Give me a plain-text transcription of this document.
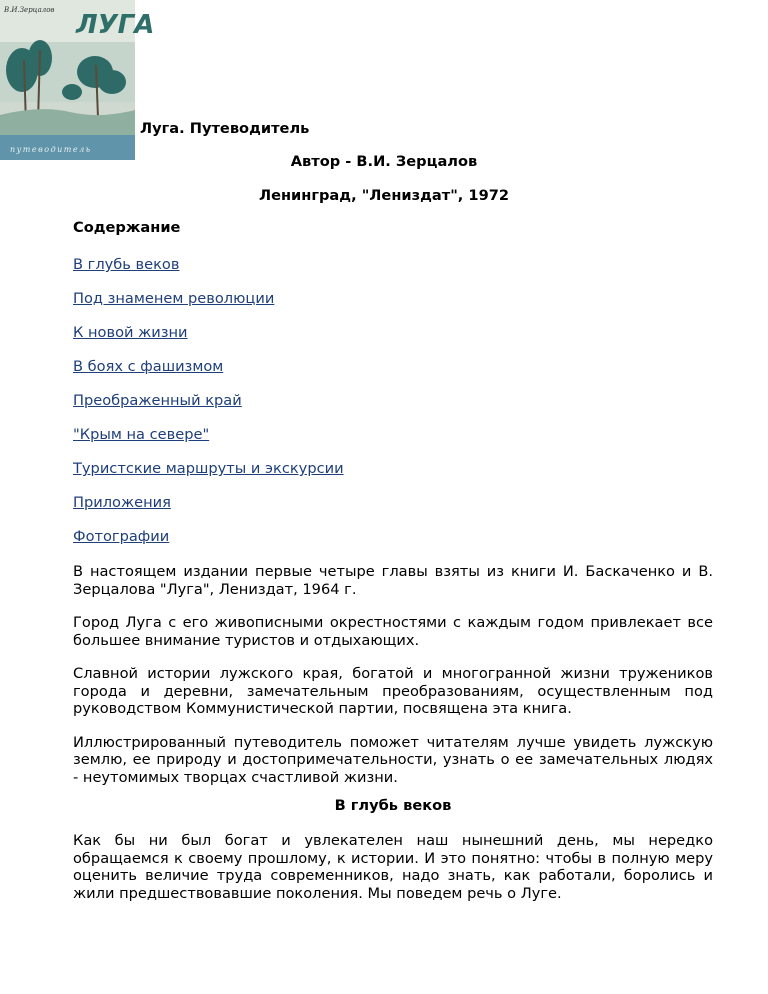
В.И.Зерцалов ЛУГА
путеводитель

Луга. Путеводитель

Автор - В.И. Зерцалов

Ленинград, "Лениздат", 1972

Содержание

В глубь веков
Под знаменем революции
К новой жизни
В боях с фашизмом
Преображенный край
"Крым на севере"
Туристские маршруты и экскурсии
Приложения
Фотографии

В настоящем издании первые четыре главы взяты из книги И. Баскаченко и В. Зерцалова "Луга", Лениздат, 1964 г.

Город Луга с его живописными окрестностями с каждым годом привлекает все большее внимание туристов и отдыхающих.

Славной истории лужского края, богатой и многогранной жизни тружеников города и деревни, замечательным преобразованиям, осуществленным под руководством Коммунистической партии, посвящена эта книга.

Иллюстрированный путеводитель поможет читателям лучше увидеть лужскую землю, ее природу и достопримечательности, узнать о ее замечательных людях - неутомимых творцах счастливой жизни.

В глубь веков

Как бы ни был богат и увлекателен наш нынешний день, мы нередко обращаемся к своему прошлому, к истории. И это понятно: чтобы в полную меру оценить величие труда современников, надо знать, как работали, боролись и жили предшествовавшие поколения. Мы поведем речь о Луге.
